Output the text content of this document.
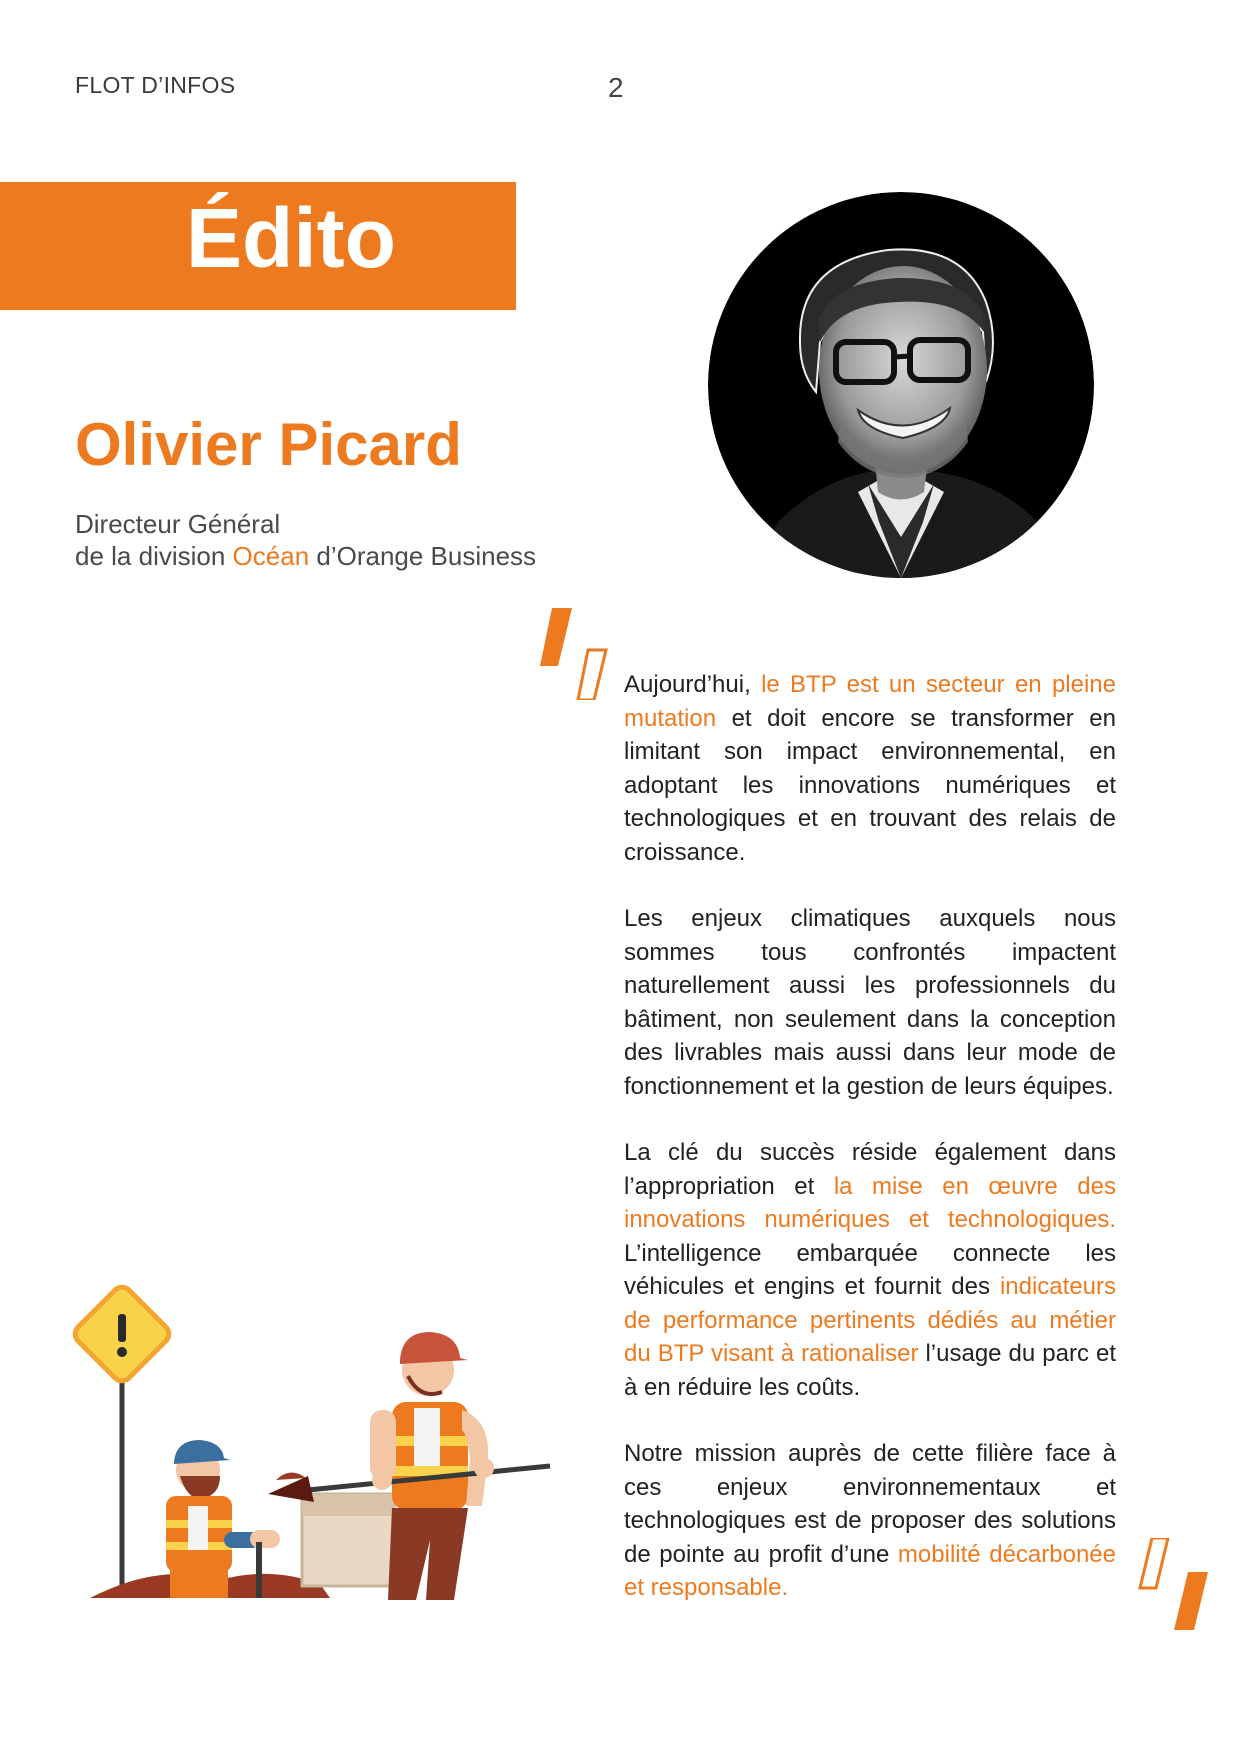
FLOT D’INFOS	2
Édito
Olivier Picard
Directeur Général
de la division Océan d’Orange Business

Aujourd’hui, le BTP est un secteur en pleine mutation et doit encore se transformer en limitant son impact environnemental, en adoptant les innovations numériques et technologiques et en trouvant des relais de croissance.

Les enjeux climatiques auxquels nous sommes tous confrontés impactent naturellement aussi les professionnels du bâtiment, non seulement dans la conception des livrables mais aussi dans leur mode de fonctionnement et la gestion de leurs équipes.

La clé du succès réside également dans l’appropriation et la mise en œuvre des innovations numériques et technologiques. L’intelligence embarquée connecte les véhicules et engins et fournit des indicateurs de performance pertinents dédiés au métier du BTP visant à rationaliser l’usage du parc et à en réduire les coûts.

Notre mission auprès de cette filière face à ces enjeux environnementaux et technologiques est de proposer des solutions de pointe au profit d’une mobilité décarbonée et responsable.
